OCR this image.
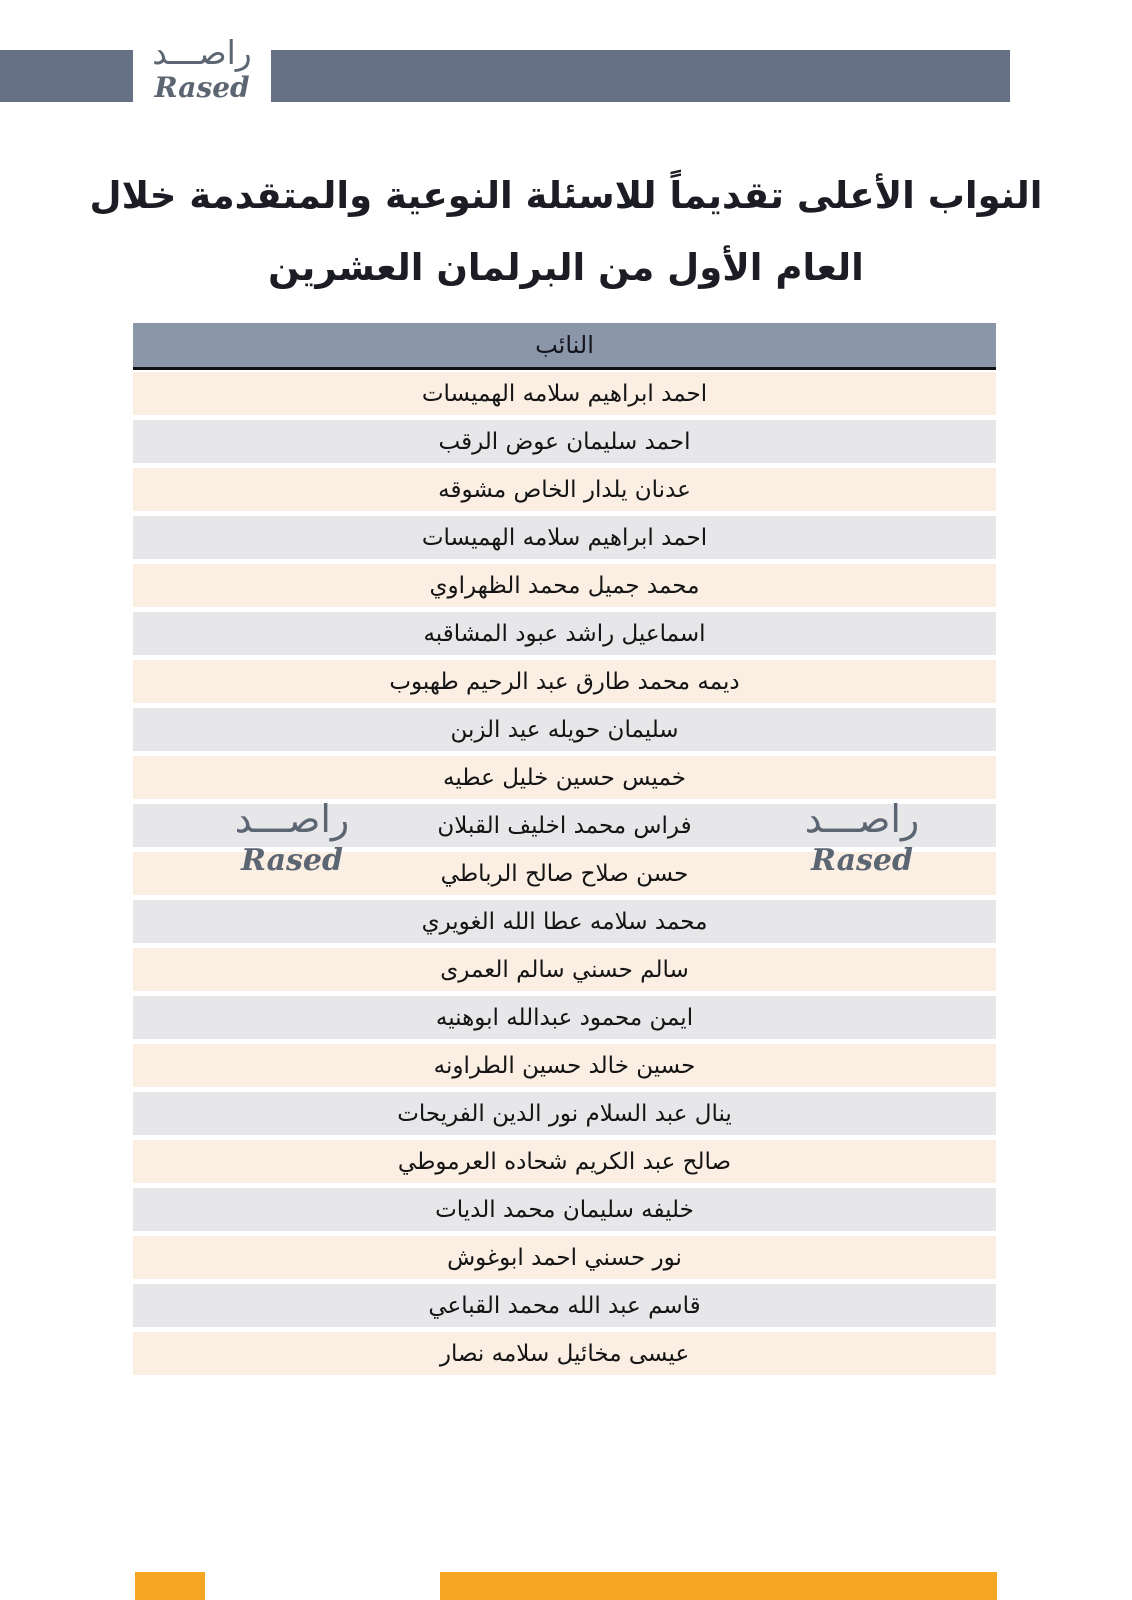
راصـــد
Rased
النواب الأعلى تقديماً للاسئلة النوعية والمتقدمة خلال
العام الأول من البرلمان العشرين
النائب
احمد ابراهيم سلامه الهميسات
احمد سليمان عوض الرقب
عدنان يلدار الخاص مشوقه
احمد ابراهيم سلامه الهميسات
محمد جميل محمد الظهراوي
اسماعيل راشد عبود المشاقبه
ديمه محمد طارق عبد الرحيم طهبوب
سليمان حويله عيد الزبن
خميس حسين خليل عطيه
فراس محمد اخليف القبلان
حسن صلاح صالح الرباطي
محمد سلامه عطا الله الغويري
سالم حسني سالم العمرى
ايمن محمود عبدالله ابوهنيه
حسين خالد حسين الطراونه
ينال عبد السلام نور الدين الفريحات
صالح عبد الكريم شحاده العرموطي
خليفه سليمان محمد الديات
نور حسني احمد ابوغوش
قاسم عبد الله محمد القباعي
عيسى مخائيل سلامه نصار
راصـــد
Rased
راصـــد
Rased
